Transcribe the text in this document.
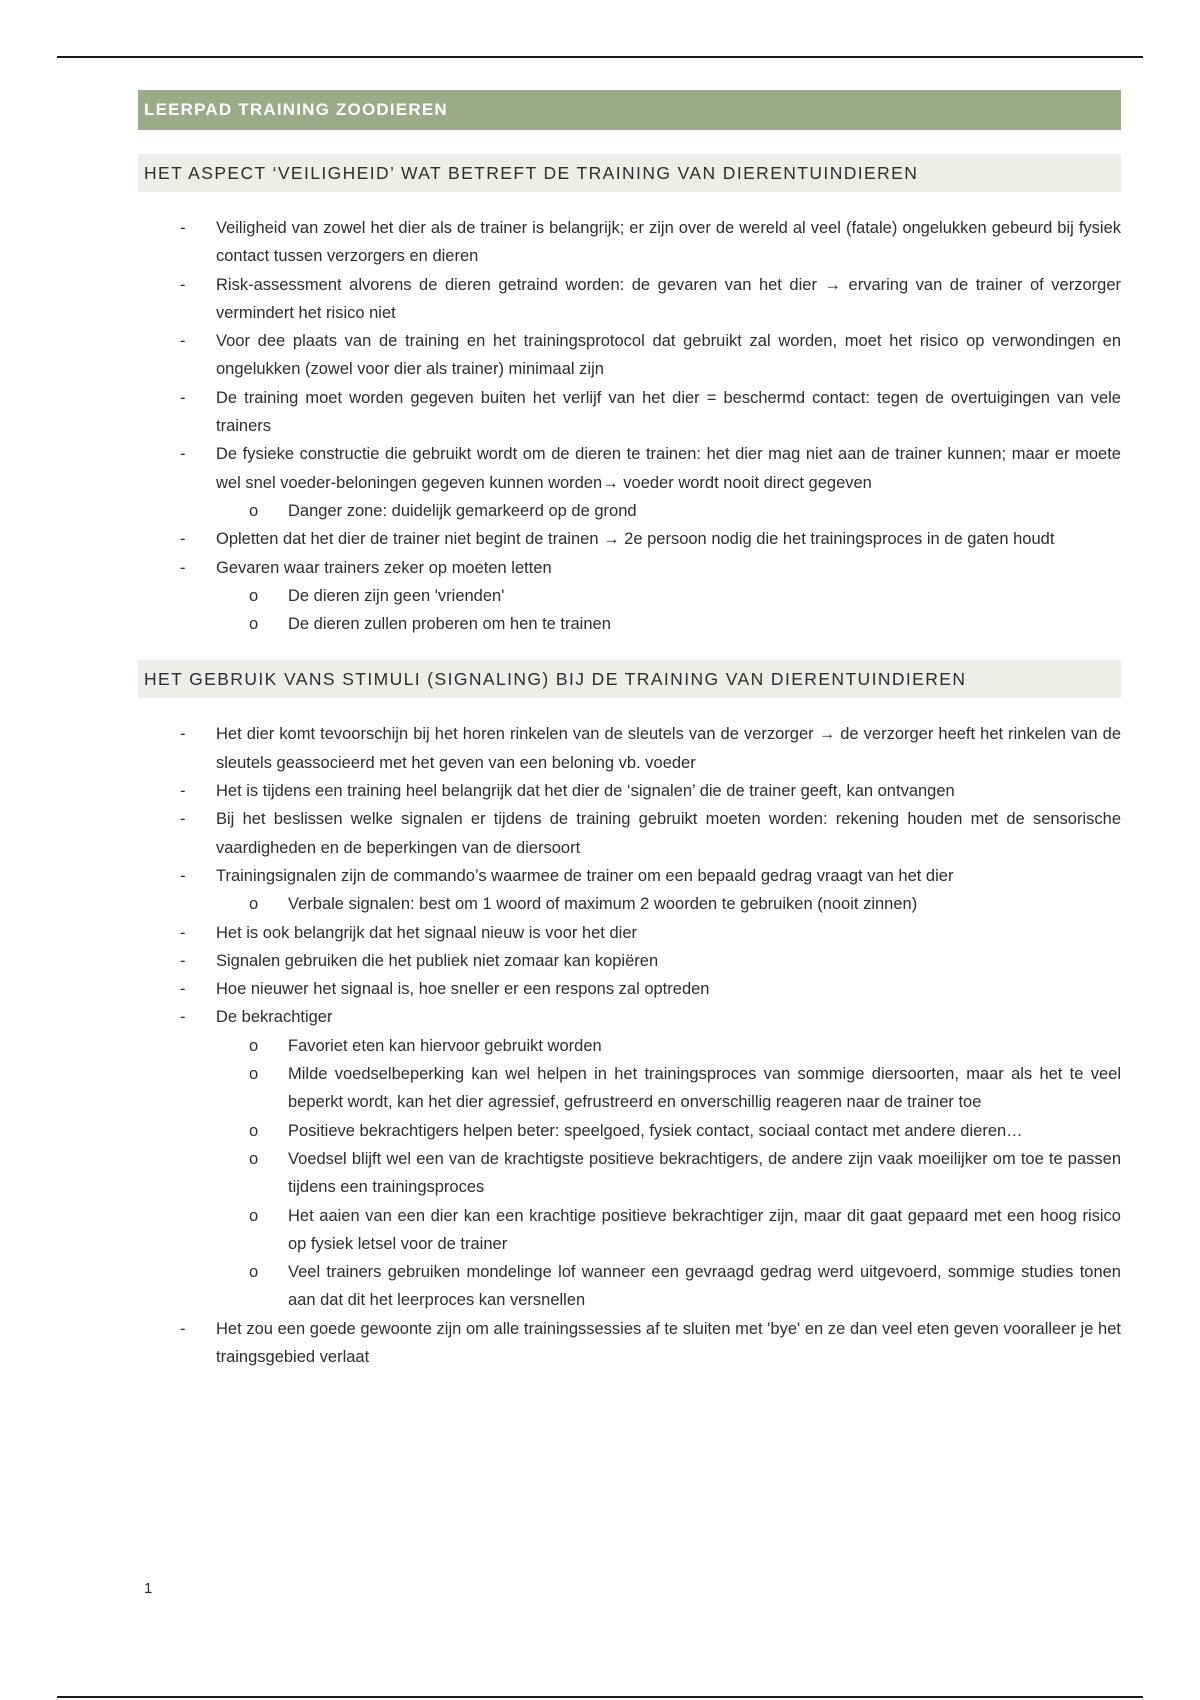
LEERPAD TRAINING ZOODIEREN
HET ASPECT ‘VEILIGHEID’ WAT BETREFT DE TRAINING VAN DIERENTUINDIEREN
- Veiligheid van zowel het dier als de trainer is belangrijk; er zijn over de wereld al veel (fatale) ongelukken gebeurd bij fysiek contact tussen verzorgers en dieren
- Risk-assessment alvorens de dieren getraind worden: de gevaren van het dier → ervaring van de trainer of verzorger vermindert het risico niet
- Voor dee plaats van de training en het trainingsprotocol dat gebruikt zal worden, moet het risico op verwondingen en ongelukken (zowel voor dier als trainer) minimaal zijn
- De training moet worden gegeven buiten het verlijf van het dier = beschermd contact: tegen de overtuigingen van vele trainers
- De fysieke constructie die gebruikt wordt om de dieren te trainen: het dier mag niet aan de trainer kunnen; maar er moete wel snel voeder-beloningen gegeven kunnen worden→ voeder wordt nooit direct gegeven
o Danger zone: duidelijk gemarkeerd op de grond
- Opletten dat het dier de trainer niet begint de trainen → 2e persoon nodig die het trainingsproces in de gaten houdt
- Gevaren waar trainers zeker op moeten letten
o De dieren zijn geen 'vrienden'
o De dieren zullen proberen om hen te trainen
HET GEBRUIK VANS STIMULI (SIGNALING) BIJ DE TRAINING VAN DIERENTUINDIEREN
- Het dier komt tevoorschijn bij het horen rinkelen van de sleutels van de verzorger → de verzorger heeft het rinkelen van de sleutels geassocieerd met het geven van een beloning vb. voeder
- Het is tijdens een training heel belangrijk dat het dier de ‘signalen’ die de trainer geeft, kan ontvangen
- Bij het beslissen welke signalen er tijdens de training gebruikt moeten worden: rekening houden met de sensorische vaardigheden en de beperkingen van de diersoort
- Trainingsignalen zijn de commando’s waarmee de trainer om een bepaald gedrag vraagt van het dier
o Verbale signalen: best om 1 woord of maximum 2 woorden te gebruiken (nooit zinnen)
- Het is ook belangrijk dat het signaal nieuw is voor het dier
- Signalen gebruiken die het publiek niet zomaar kan kopiëren
- Hoe nieuwer het signaal is, hoe sneller er een respons zal optreden
- De bekrachtiger
o Favoriet eten kan hiervoor gebruikt worden
o Milde voedselbeperking kan wel helpen in het trainingsproces van sommige diersoorten, maar als het te veel beperkt wordt, kan het dier agressief, gefrustreerd en onverschillig reageren naar de trainer toe
o Positieve bekrachtigers helpen beter: speelgoed, fysiek contact, sociaal contact met andere dieren…
o Voedsel blijft wel een van de krachtigste positieve bekrachtigers, de andere zijn vaak moeilijker om toe te passen tijdens een trainingsproces
o Het aaien van een dier kan een krachtige positieve bekrachtiger zijn, maar dit gaat gepaard met een hoog risico op fysiek letsel voor de trainer
o Veel trainers gebruiken mondelinge lof wanneer een gevraagd gedrag werd uitgevoerd, sommige studies tonen aan dat dit het leerproces kan versnellen
- Het zou een goede gewoonte zijn om alle trainingssessies af te sluiten met 'bye' en ze dan veel eten geven vooralleer je het traingsgebied verlaat
1
